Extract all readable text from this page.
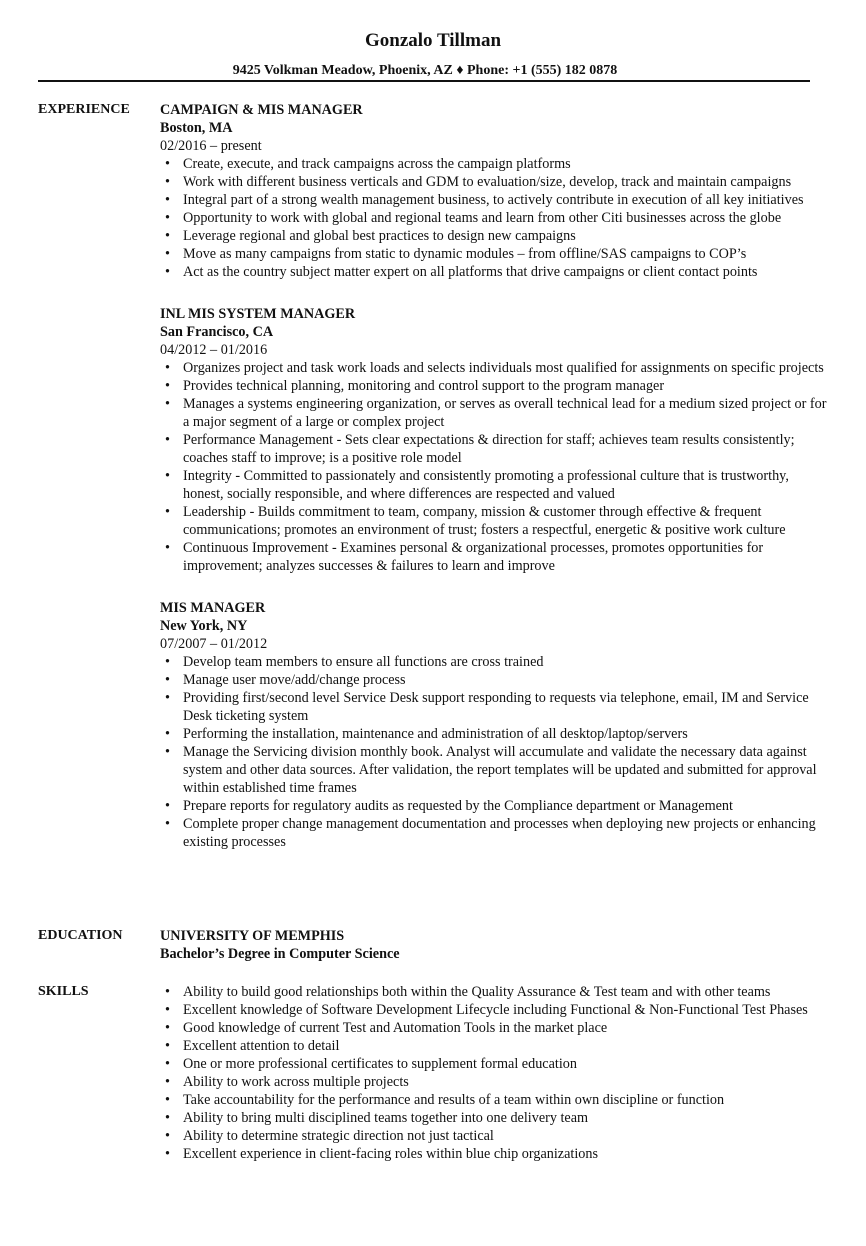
Gonzalo Tillman
9425 Volkman Meadow, Phoenix, AZ ♦ Phone: +1 (555) 182 0878
EXPERIENCE	CAMPAIGN & MIS MANAGER
Boston, MA
02/2016 – present
• Create, execute, and track campaigns across the campaign platforms
• Work with different business verticals and GDM to evaluation/size, develop, track and maintain campaigns
• Integral part of a strong wealth management business, to actively contribute in execution of all key initiatives
• Opportunity to work with global and regional teams and learn from other Citi businesses across the globe
• Leverage regional and global best practices to design new campaigns
• Move as many campaigns from static to dynamic modules – from offline/SAS campaigns to COP’s
• Act as the country subject matter expert on all platforms that drive campaigns or client contact points
INL MIS SYSTEM MANAGER
San Francisco, CA
04/2012 – 01/2016
• Organizes project and task work loads and selects individuals most qualified for assignments on specific projects
• Provides technical planning, monitoring and control support to the program manager
• Manages a systems engineering organization, or serves as overall technical lead for a medium sized project or for a major segment of a large or complex project
• Performance Management - Sets clear expectations & direction for staff; achieves team results consistently; coaches staff to improve; is a positive role model
• Integrity - Committed to passionately and consistently promoting a professional culture that is trustworthy, honest, socially responsible, and where differences are respected and valued
• Leadership - Builds commitment to team, company, mission & customer through effective & frequent communications; promotes an environment of trust; fosters a respectful, energetic & positive work culture
• Continuous Improvement - Examines personal & organizational processes, promotes opportunities for improvement; analyzes successes & failures to learn and improve
MIS MANAGER
New York, NY
07/2007 – 01/2012
• Develop team members to ensure all functions are cross trained
• Manage user move/add/change process
• Providing first/second level Service Desk support responding to requests via telephone, email, IM and Service Desk ticketing system
• Performing the installation, maintenance and administration of all desktop/laptop/servers
• Manage the Servicing division monthly book. Analyst will accumulate and validate the necessary data against system and other data sources. After validation, the report templates will be updated and submitted for approval within established time frames
• Prepare reports for regulatory audits as requested by the Compliance department or Management
• Complete proper change management documentation and processes when deploying new projects or enhancing existing processes
EDUCATION	UNIVERSITY OF MEMPHIS
Bachelor’s Degree in Computer Science
SKILLS
•	Ability to build good relationships both within the Quality Assurance & Test team and with other teams
• Excellent knowledge of Software Development Lifecycle including Functional & Non-Functional Test Phases
• Good knowledge of current Test and Automation Tools in the market place
• Excellent attention to detail
• One or more professional certificates to supplement formal education
• Ability to work across multiple projects
• Take accountability for the performance and results of a team within own discipline or function
• Ability to bring multi disciplined teams together into one delivery team
• Ability to determine strategic direction not just tactical
• Excellent experience in client-facing roles within blue chip organizations
